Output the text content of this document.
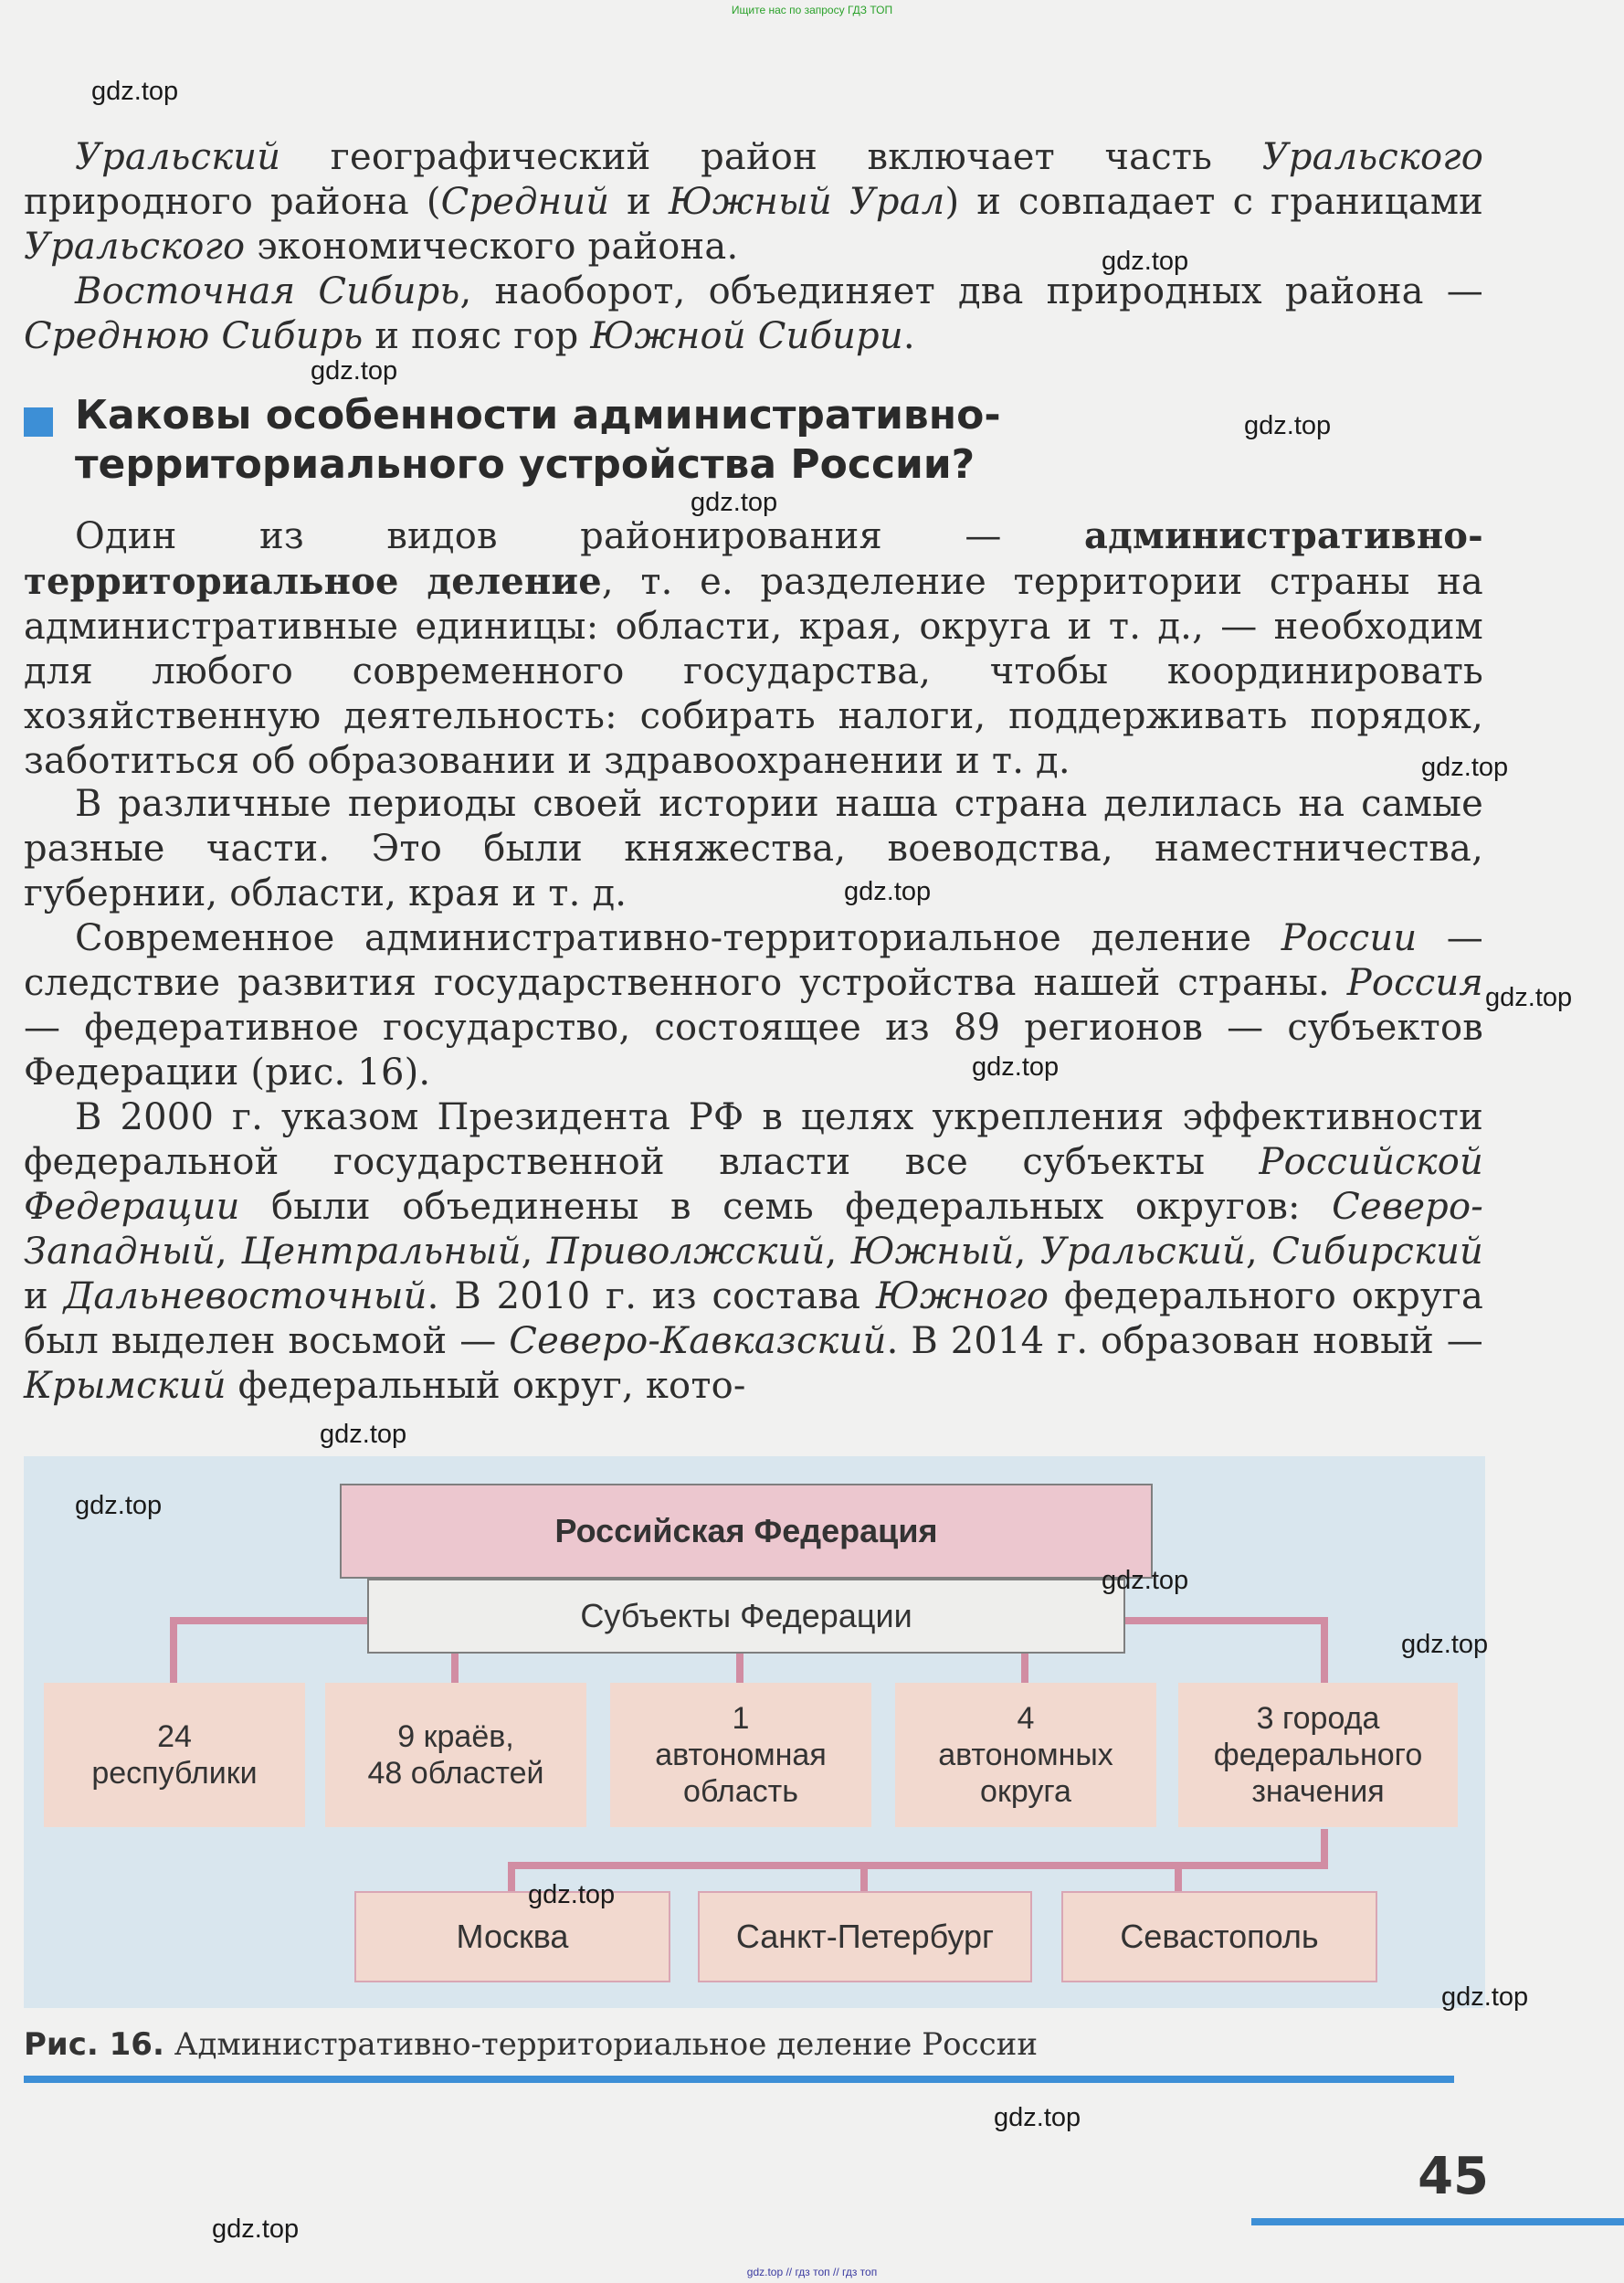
Ищите нас по запросу ГДЗ ТОП
Уральский географический район включает часть Уральского природного района (Средний и Южный Урал) и совпадает с границами Уральского экономического района.
Восточная Сибирь, наоборот, объединяет два природных района — Среднюю Сибирь и пояс гор Южной Сибири.
Каковы особенности административно-территориального устройства России?
Один из видов районирования — административно-территориальное деление, т. е. разделение территории страны на административные единицы: области, края, округа и т. д., — необходим для любого современного государства, чтобы координировать хозяйственную деятельность: собирать налоги, поддерживать порядок, заботиться об образовании и здравоохранении и т. д.
В различные периоды своей истории наша страна делилась на самые разные части. Это были княжества, воеводства, наместничества, губернии, области, края и т. д.
Современное административно-территориальное деление России — следствие развития государственного устройства нашей страны. Россия — федеративное государство, состоящее из 89 регионов — субъектов Федерации (рис. 16).
В 2000 г. указом Президента РФ в целях укрепления эффективности федеральной государственной власти все субъекты Российской Федерации были объединены в семь федеральных округов: Северо-Западный, Центральный, Приволжский, Южный, Уральский, Сибирский и Дальневосточный. В 2010 г. из состава Южного федерального округа был выделен восьмой — Северо-Кавказский. В 2014 г. образован новый — Крымский федеральный округ, кото-
Российская Федерация
Субъекты Федерации
24
республики
9 краёв,
48 областей
1
автономная
область
4
автономных
округа
3 города
федерального
значения
Москва	Санкт-Петербург	Севастополь
Рис. 16. Административно-территориальное деление России
45
gdz.top
gdz.top
gdz.top
gdz.top
gdz.top
gdz.top
gdz.top
gdz.top
gdz.top
gdz.top
gdz.top
gdz.top
gdz.top
gdz.top
gdz.top
gdz.top
gdz.top
gdz.top // гдз топ // гдз топ
